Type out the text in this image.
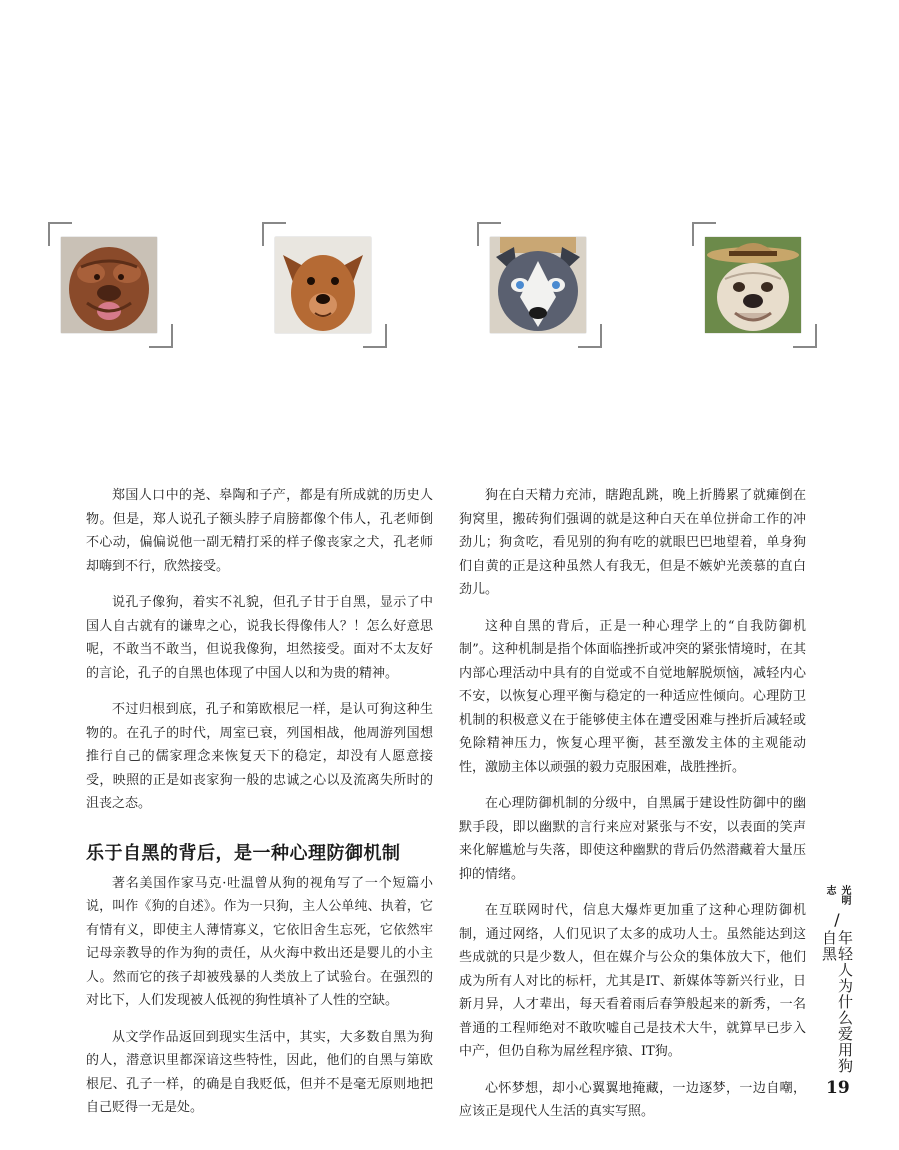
郑国人口中的尧、皋陶和子产，都是有所成就的历史人物。但是，郑人说孔子额头脖子肩膀都像个伟人，孔老师倒不心动，偏偏说他一副无精打采的样子像丧家之犬，孔老师却嗨到不行，欣然接受。

说孔子像狗，着实不礼貌，但孔子甘于自黑，显示了中国人自古就有的谦卑之心，说我长得像伟人？！怎么好意思呢，不敢当不敢当，但说我像狗，坦然接受。面对不太友好的言论，孔子的自黑也体现了中国人以和为贵的精神。

不过归根到底，孔子和第欧根尼一样，是认可狗这种生物的。在孔子的时代，周室已衰，列国相战，他周游列国想推行自己的儒家理念来恢复天下的稳定，却没有人愿意接受，映照的正是如丧家狗一般的忠诚之心以及流离失所时的沮丧之态。

乐于自黑的背后，是一种心理防御机制

著名美国作家马克·吐温曾从狗的视角写了一个短篇小说，叫作《狗的自述》。作为一只狗，主人公单纯、执着，它有情有义，即使主人薄情寡义，它依旧舍生忘死，它依然牢记母亲教导的作为狗的责任，从火海中救出还是婴儿的小主人。然而它的孩子却被残暴的人类放上了试验台。在强烈的对比下，人们发现被人低视的狗性填补了人性的空缺。

从文学作品返回到现实生活中，其实，大多数自黑为狗的人，潜意识里都深谙这些特性，因此，他们的自黑与第欧根尼、孔子一样，的确是自我贬低，但并不是毫无原则地把自己贬得一无是处。

狗在白天精力充沛，瞎跑乱跳，晚上折腾累了就瘫倒在狗窝里，搬砖狗们强调的就是这种白天在单位拼命工作的冲劲儿；狗贪吃，看见别的狗有吃的就眼巴巴地望着，单身狗们自黄的正是这种虽然人有我无，但是不嫉妒光羡慕的直白劲儿。

这种自黑的背后，正是一种心理学上的“自我防御机制”。这种机制是指个体面临挫折或冲突的紧张情境时，在其内部心理活动中具有的自觉或不自觉地解脱烦恼，减轻内心不安，以恢复心理平衡与稳定的一种适应性倾向。心理防卫机制的积极意义在于能够使主体在遭受困难与挫折后减轻或免除精神压力，恢复心理平衡，甚至激发主体的主观能动性，激励主体以顽强的毅力克服困难，战胜挫折。

在心理防御机制的分级中，自黑属于建设性防御中的幽默手段，即以幽默的言行来应对紧张与不安，以表面的笑声来化解尴尬与失落，即使这种幽默的背后仍然潜藏着大量压抑的情绪。

在互联网时代，信息大爆炸更加重了这种心理防御机制，通过网络，人们见识了太多的成功人士。虽然能达到这些成就的只是少数人，但在媒介与公众的集体放大下，他们成为所有人对比的标杆，尤其是IT、新媒体等新兴行业，日新月异，人才辈出，每天看着雨后春笋般起来的新秀，一名普通的工程师绝对不敢吹嘘自己是技术大牛，就算早已步入中产，但仍自称为屌丝程序猿、IT狗。

心怀梦想，却小心翼翼地掩藏，一边逐梦，一边自嘲，应该正是现代人生活的真实写照。

光明志
/
年轻人为什么爱用狗自黑
19
